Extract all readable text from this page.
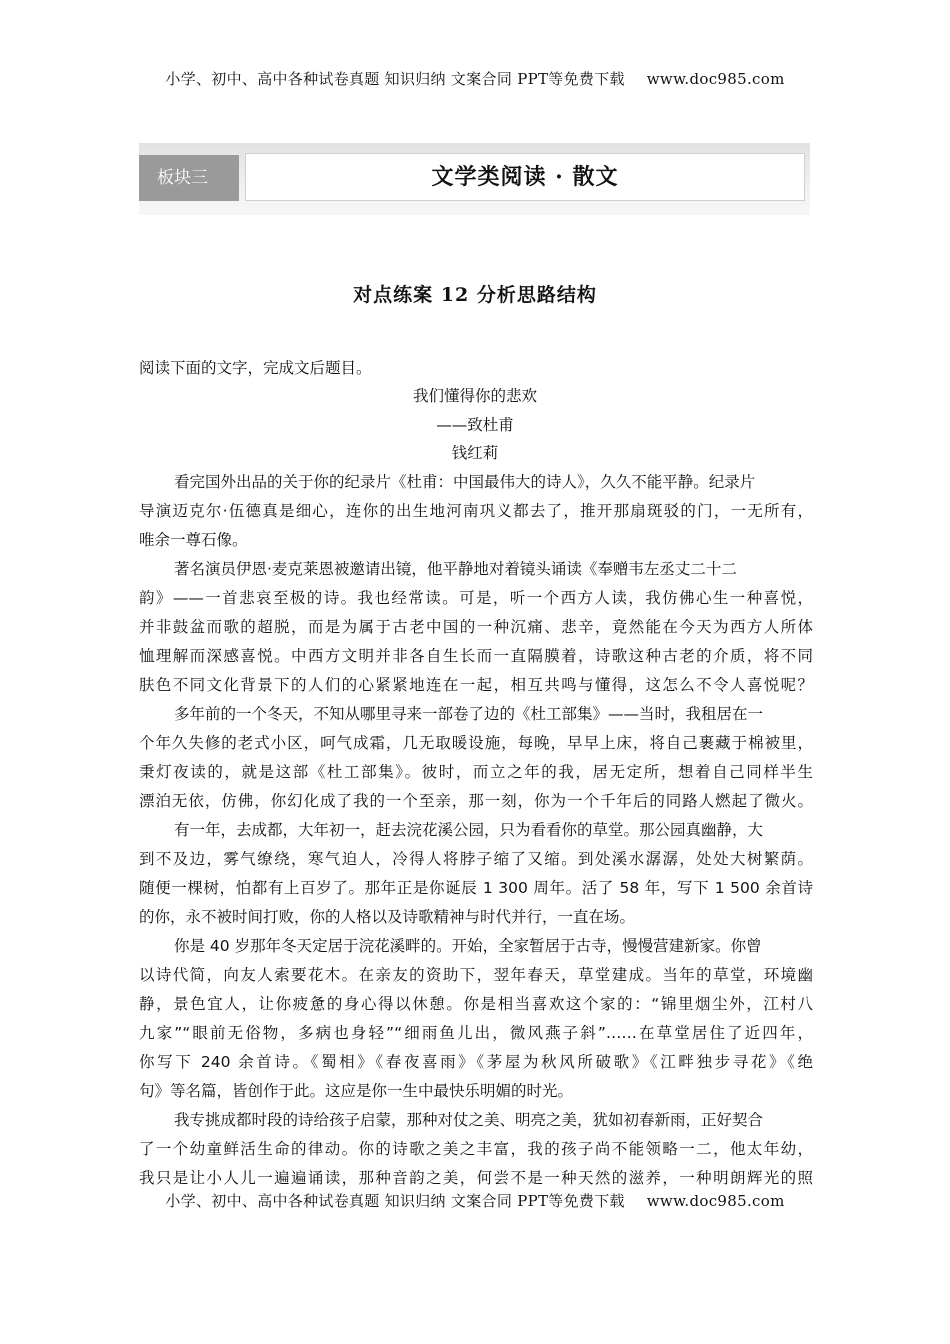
小学、初中、高中各种试卷真题 知识归纳 文案合同 PPT等免费下载 www.doc985.com
板块三	文学类阅读 · 散文
对点练案 12 分析思路结构
阅读下面的文字，完成文后题目。
我们懂得你的悲欢
——致杜甫
钱红莉
看完国外出品的关于你的纪录片《杜甫：中国最伟大的诗人》，久久不能平静。纪录片
导演迈克尔·伍德真是细心，连你的出生地河南巩义都去了，推开那扇斑驳的门，一无所有，
唯余一尊石像。
著名演员伊恩·麦克莱恩被邀请出镜，他平静地对着镜头诵读《奉赠韦左丞丈二十二
韵》——一首悲哀至极的诗。我也经常读。可是，听一个西方人读，我仿佛心生一种喜悦，
并非鼓盆而歌的超脱，而是为属于古老中国的一种沉痛、悲辛，竟然能在今天为西方人所体
恤理解而深感喜悦。中西方文明并非各自生长而一直隔膜着，诗歌这种古老的介质，将不同
肤色不同文化背景下的人们的心紧紧地连在一起，相互共鸣与懂得，这怎么不令人喜悦呢？
多年前的一个冬天，不知从哪里寻来一部卷了边的《杜工部集》——当时，我租居在一
个年久失修的老式小区，呵气成霜，几无取暖设施，每晚，早早上床，将自己裹藏于棉被里，
秉灯夜读的，就是这部《杜工部集》。彼时，而立之年的我，居无定所，想着自己同样半生
漂泊无依，仿佛，你幻化成了我的一个至亲，那一刻，你为一个千年后的同路人燃起了微火。
有一年，去成都，大年初一，赶去浣花溪公园，只为看看你的草堂。那公园真幽静，大
到不及边，雾气缭绕，寒气迫人，冷得人将脖子缩了又缩。到处溪水潺潺，处处大树繁荫。
随便一棵树，怕都有上百岁了。那年正是你诞辰 1 300 周年。活了 58 年，写下 1 500 余首诗
的你，永不被时间打败，你的人格以及诗歌精神与时代并行，一直在场。
你是 40 岁那年冬天定居于浣花溪畔的。开始，全家暂居于古寺，慢慢营建新家。你曾
以诗代简，向友人索要花木。在亲友的资助下，翌年春天，草堂建成。当年的草堂，环境幽
静，景色宜人，让你疲惫的身心得以休憩。你是相当喜欢这个家的：“锦里烟尘外，江村八
九家”“眼前无俗物，多病也身轻”“细雨鱼儿出，微风燕子斜”……在草堂居住了近四年，
你写下 240 余首诗。《蜀相》《春夜喜雨》《茅屋为秋风所破歌》《江畔独步寻花》《绝
句》等名篇，皆创作于此。这应是你一生中最快乐明媚的时光。
我专挑成都时段的诗给孩子启蒙，那种对仗之美、明亮之美，犹如初春新雨，正好契合
了一个幼童鲜活生命的律动。你的诗歌之美之丰富，我的孩子尚不能领略一二，他太年幼，
我只是让小人儿一遍遍诵读，那种音韵之美，何尝不是一种天然的滋养，一种明朗辉光的照
小学、初中、高中各种试卷真题 知识归纳 文案合同 PPT等免费下载 www.doc985.com
